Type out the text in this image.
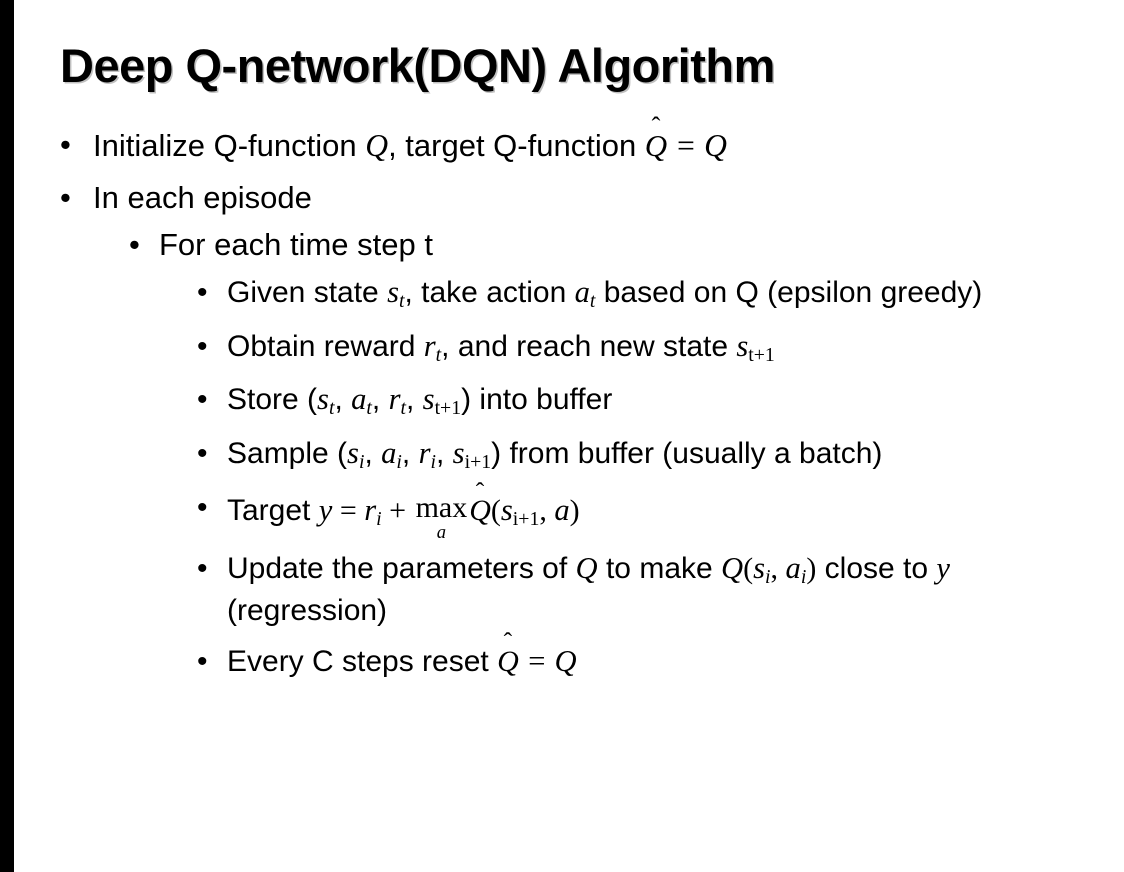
Deep Q-network(DQN) Algorithm
• Initialize Q-function Q, target Q-function
Q = Q
• In each episode
• For each time step t
• Given state $s_t$, take action $a_t$ based on Q (epsilon greedy)
• Obtain reward $r_t$, and reach new state st+1
• Store ($s_t$, $a_t$, $r_t$, st+1) into buffer
• Sample ($s_i$, $a_i$, $r_i$, si+1) from buffer (usually a batch)
• Target $y = r_i + \max$
a
Q(si+1, a)
• Update the parameters of Q to make $Q(s_i$, $a_i$) close to y (regression)
• Every C steps reset
Q = Q
